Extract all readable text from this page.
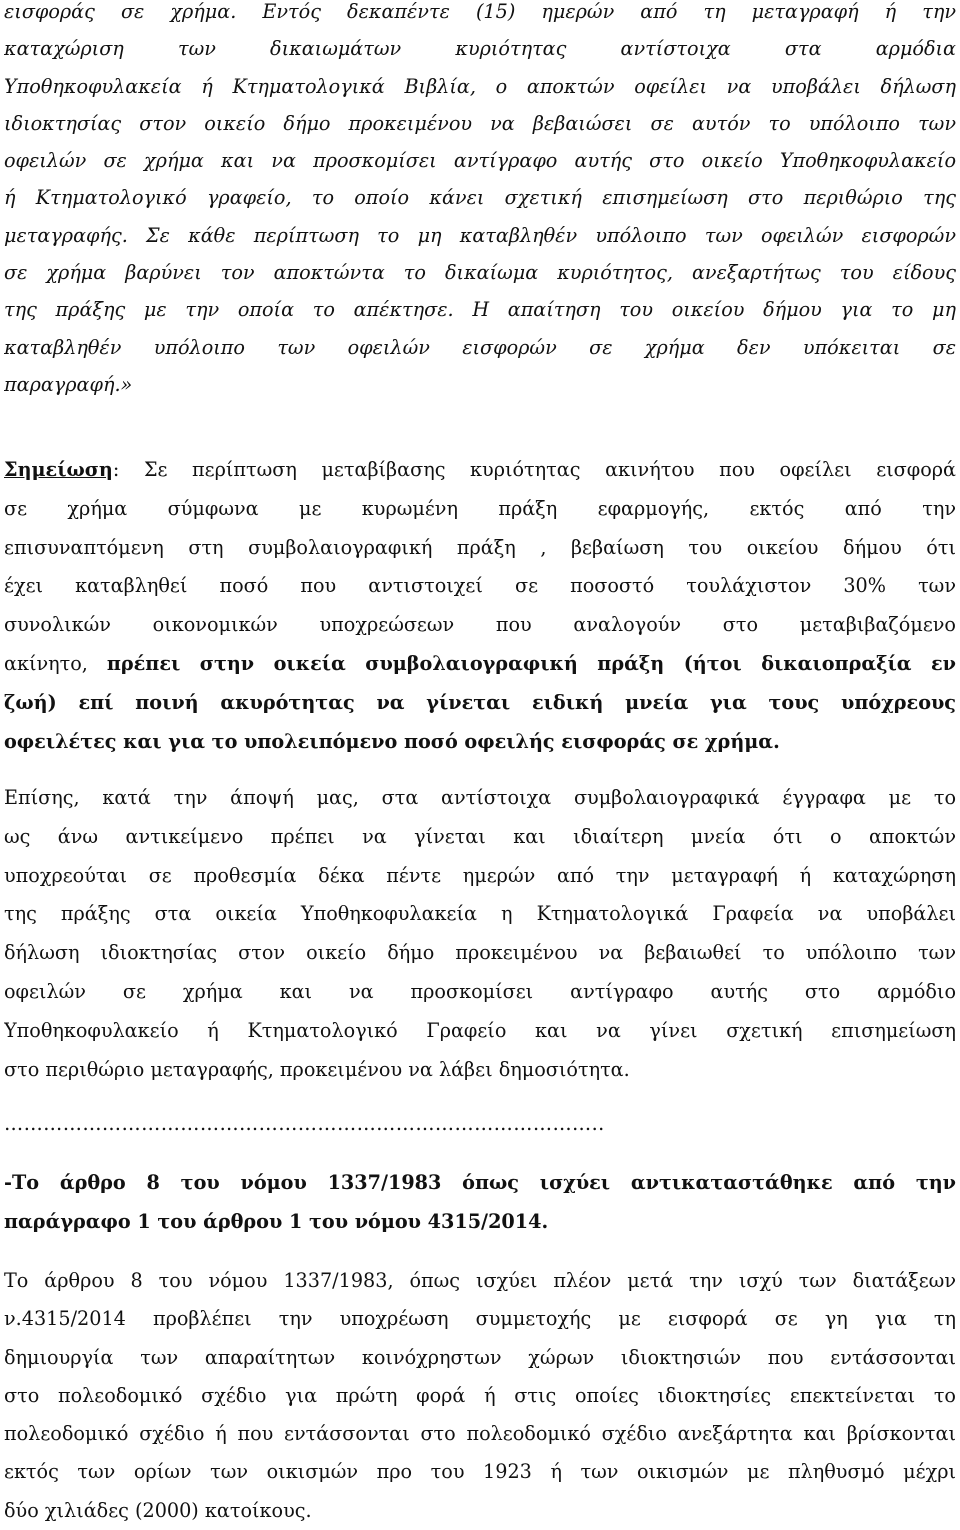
εισφοράς σε χρήμα. Εντός δεκαπέντε (15) ημερών από τη μεταγραφή ή την
καταχώριση των δικαιωμάτων κυριότητας αντίστοιχα στα αρμόδια
Υποθηκοφυλακεία ή Κτηματολογικά Βιβλία, ο αποκτών οφείλει να υποβάλει δήλωση
ιδιοκτησίας στον οικείο δήμο προκειμένου να βεβαιώσει σε αυτόν το υπόλοιπο των
οφειλών σε χρήμα και να προσκομίσει αντίγραφο αυτής στο οικείο Υποθηκοφυλακείο
ή Κτηματολογικό γραφείο, το οποίο κάνει σχετική επισημείωση στο περιθώριο της
μεταγραφής. Σε κάθε περίπτωση το μη καταβληθέν υπόλοιπο των οφειλών εισφορών
σε χρήμα βαρύνει τον αποκτώντα το δικαίωμα κυριότητος, ανεξαρτήτως του είδους
της πράξης με την οποία το απέκτησε. Η απαίτηση του οικείου δήμου για το μη
καταβληθέν υπόλοιπο των οφειλών εισφορών σε χρήμα δεν υπόκειται σε
παραγραφή.»
Σημείωση: Σε περίπτωση μεταβίβασης κυριότητας ακινήτου που οφείλει εισφορά
σε χρήμα σύμφωνα με κυρωμένη πράξη εφαρμογής, εκτός από την
επισυναπτόμενη στη συμβολαιογραφική πράξη , βεβαίωση του οικείου δήμου ότι
έχει καταβληθεί ποσό που αντιστοιχεί σε ποσοστό τουλάχιστον 30% των
συνολικών οικονομικών υποχρεώσεων που αναλογούν στο μεταβιβαζόμενο
ακίνητο, πρέπει στην οικεία συμβολαιογραφική πράξη (ήτοι δικαιοπραξία εν
ζωή) επί ποινή ακυρότητας να γίνεται ειδική μνεία για τους υπόχρεους
οφειλέτες και για το υπολειπόμενο ποσό οφειλής εισφοράς σε χρήμα.
Επίσης, κατά την άποψή μας, στα αντίστοιχα συμβολαιογραφικά έγγραφα με το
ως άνω αντικείμενο πρέπει να γίνεται και ιδιαίτερη μνεία ότι ο αποκτών
υποχρεούται σε προθεσμία δέκα πέντε ημερών από την μεταγραφή ή καταχώρηση
της πράξης στα οικεία Υποθηκοφυλακεία η Κτηματολογικά Γραφεία να υποβάλει
δήλωση ιδιοκτησίας στον οικείο δήμο προκειμένου να βεβαιωθεί το υπόλοιπο των
οφειλών σε χρήμα και να προσκομίσει αντίγραφο αυτής στο αρμόδιο
Υποθηκοφυλακείο ή Κτηματολογικό Γραφείο και να γίνει σχετική επισημείωση
στο περιθώριο μεταγραφής, προκειμένου να λάβει δημοσιότητα.
………………………………………………………………………………..
-Το άρθρο 8 του νόμου 1337/1983 όπως ισχύει αντικαταστάθηκε από την
παράγραφο 1 του άρθρου 1 του νόμου 4315/2014.
Το άρθρου 8 του νόμου 1337/1983, όπως ισχύει πλέον μετά την ισχύ των διατάξεων
ν.4315/2014 προβλέπει την υποχρέωση συμμετοχής με εισφορά σε γη για τη
δημιουργία των απαραίτητων κοινόχρηστων χώρων ιδιοκτησιών που εντάσσονται
στο πολεοδομικό σχέδιο για πρώτη φορά ή στις οποίες ιδιοκτησίες επεκτείνεται το
πολεοδομικό σχέδιο ή που εντάσσονται στο πολεοδομικό σχέδιο ανεξάρτητα και βρίσκονται
εκτός των ορίων των οικισμών προ του 1923 ή των οικισμών με πληθυσμό μέχρι
δύο χιλιάδες (2000) κατοίκους.
